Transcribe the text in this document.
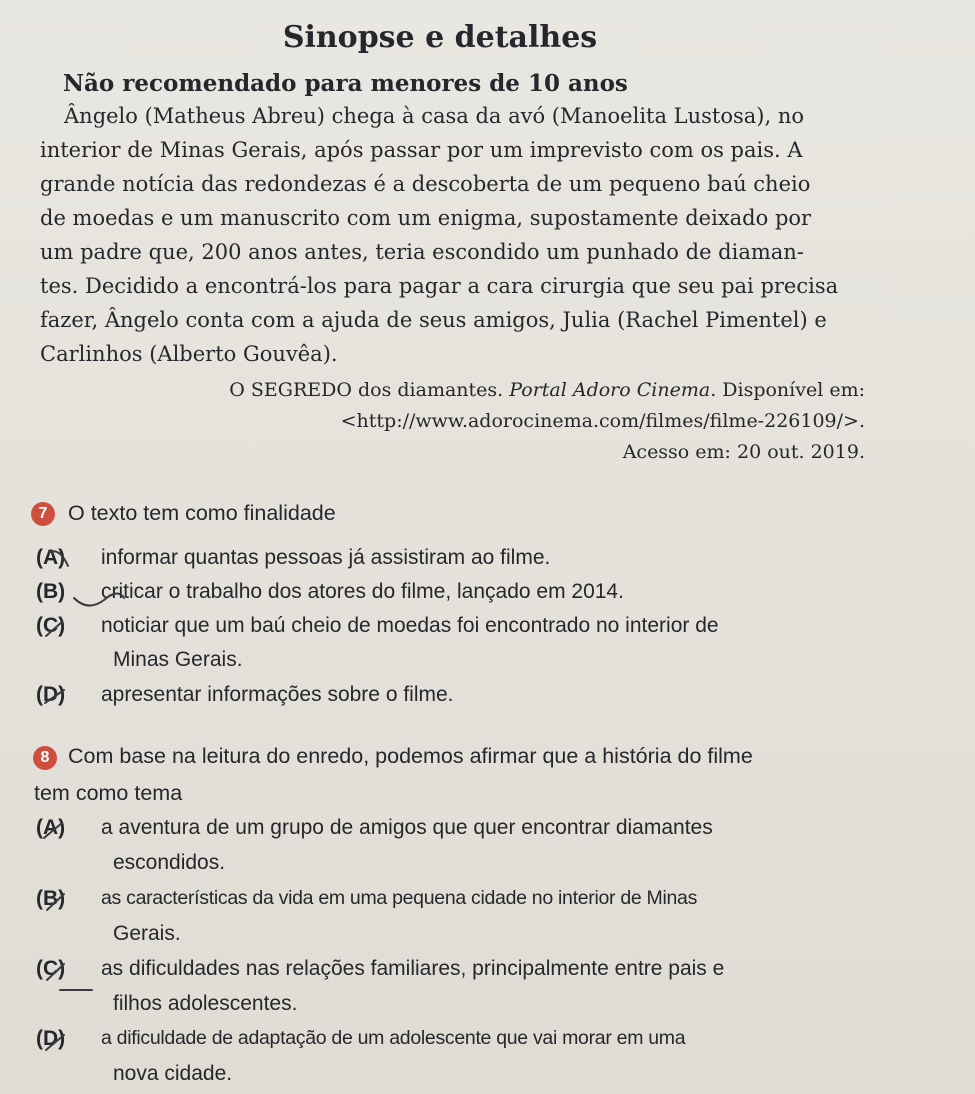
Sinopse e detalhes
Não recomendado para menores de 10 anos
Ângelo (Matheus Abreu) chega à casa da avó (Manoelita Lustosa), no
interior de Minas Gerais, após passar por um imprevisto com os pais. A
grande notícia das redondezas é a descoberta de um pequeno baú cheio
de moedas e um manuscrito com um enigma, supostamente deixado por
um padre que, 200 anos antes, teria escondido um punhado de diaman-
tes. Decidido a encontrá-los para pagar a cara cirurgia que seu pai precisa
fazer, Ângelo conta com a ajuda de seus amigos, Julia (Rachel Pimentel) e
Carlinhos (Alberto Gouvêa).
O SEGREDO dos diamantes. Portal Adoro Cinema. Disponível em:
<http://www.adorocinema.com/filmes/filme-226109/>.
Acesso em: 20 out. 2019.
7 O texto tem como finalidade
(A) informar quantas pessoas já assistiram ao filme.
(B) criticar o trabalho dos atores do filme, lançado em 2014.
(C) noticiar que um baú cheio de moedas foi encontrado no interior de
Minas Gerais.
(D) apresentar informações sobre o filme.
8 Com base na leitura do enredo, podemos afirmar que a história do filme
tem como tema
(A) a aventura de um grupo de amigos que quer encontrar diamantes
escondidos.
(B) as características da vida em uma pequena cidade no interior de Minas
Gerais.
(C) as dificuldades nas relações familiares, principalmente entre pais e
filhos adolescentes.
(D) a dificuldade de adaptação de um adolescente que vai morar em uma
nova cidade.
